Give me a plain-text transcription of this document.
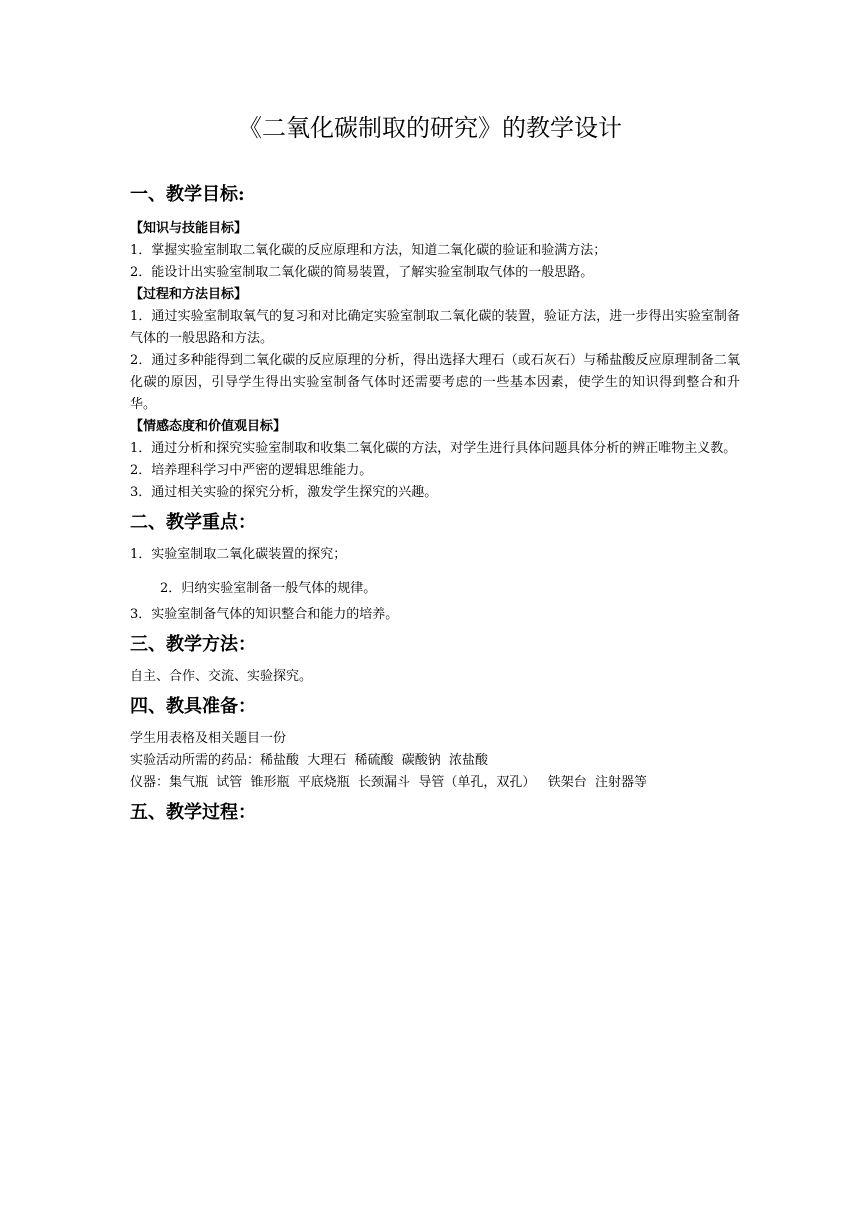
《二氧化碳制取的研究》的教学设计
一、教学目标:
【知识与技能目标】
1．掌握实验室制取二氧化碳的反应原理和方法，知道二氧化碳的验证和验满方法；
2．能设计出实验室制取二氧化碳的简易装置，了解实验室制取气体的一般思路。
【过程和方法目标】
1．通过实验室制取氧气的复习和对比确定实验室制取二氧化碳的装置，验证方法，进一步得出实验室制备气体的一般思路和方法。
2．通过多种能得到二氧化碳的反应原理的分析，得出选择大理石（或石灰石）与稀盐酸反应原理制备二氧化碳的原因，引导学生得出实验室制备气体时还需要考虑的一些基本因素，使学生的知识得到整合和升华。
【情感态度和价值观目标】
1．通过分析和探究实验室制取和收集二氧化碳的方法，对学生进行具体问题具体分析的辨正唯物主义教。
2．培养理科学习中严密的逻辑思维能力。
3．通过相关实验的探究分析，激发学生探究的兴趣。
二、教学重点：
1．实验室制取二氧化碳装置的探究；
2．归纳实验室制备一般气体的规律。
3．实验室制备气体的知识整合和能力的培养。
三、教学方法：
自主、合作、交流、实验探究。
四、教具准备：
学生用表格及相关题目一份
实验活动所需的药品：稀盐酸  大理石  稀硫酸  碳酸钠  浓盐酸
仪器：集气瓶  试管  锥形瓶  平底烧瓶  长颈漏斗  导管（单孔，双孔）   铁架台  注射器等
五、教学过程：
